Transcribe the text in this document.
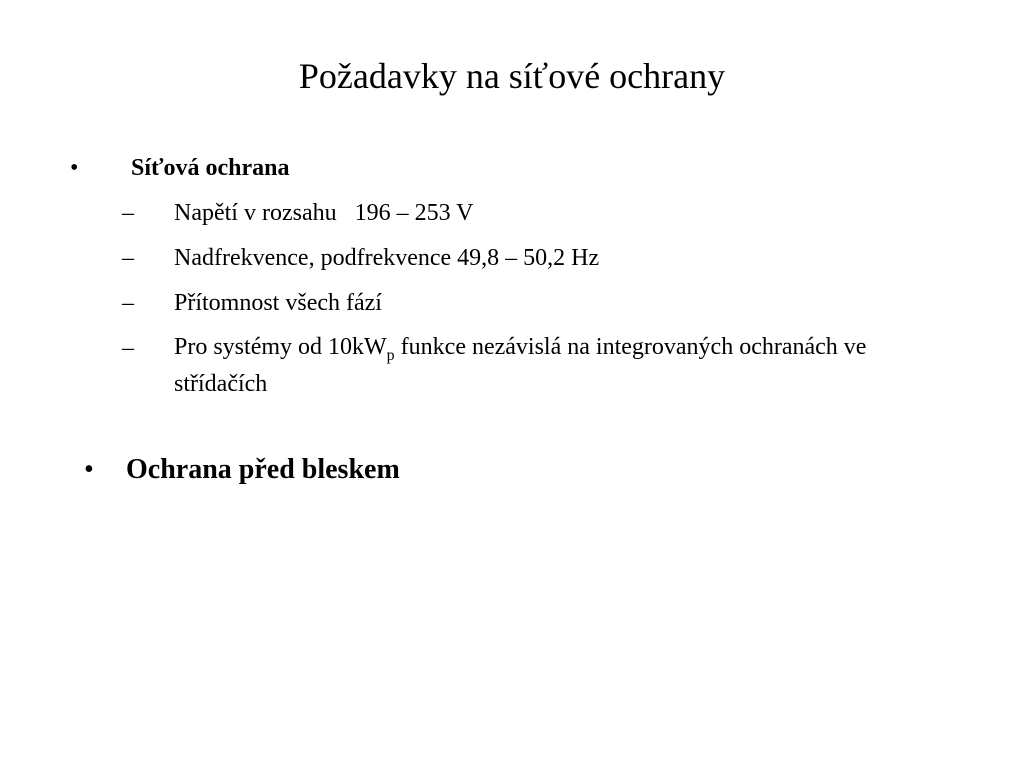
Požadavky na síťové ochrany
• Síťová ochrana
– Napětí v rozsahu   196 – 253 V
– Nadfrekvence, podfrekvence 49,8 – 50,2 Hz
– Přítomnost všech fází
– Pro systémy od $10kW_p$ funkce nezávislá na integrovaných ochranách ve střídačích
• Ochrana před bleskem
